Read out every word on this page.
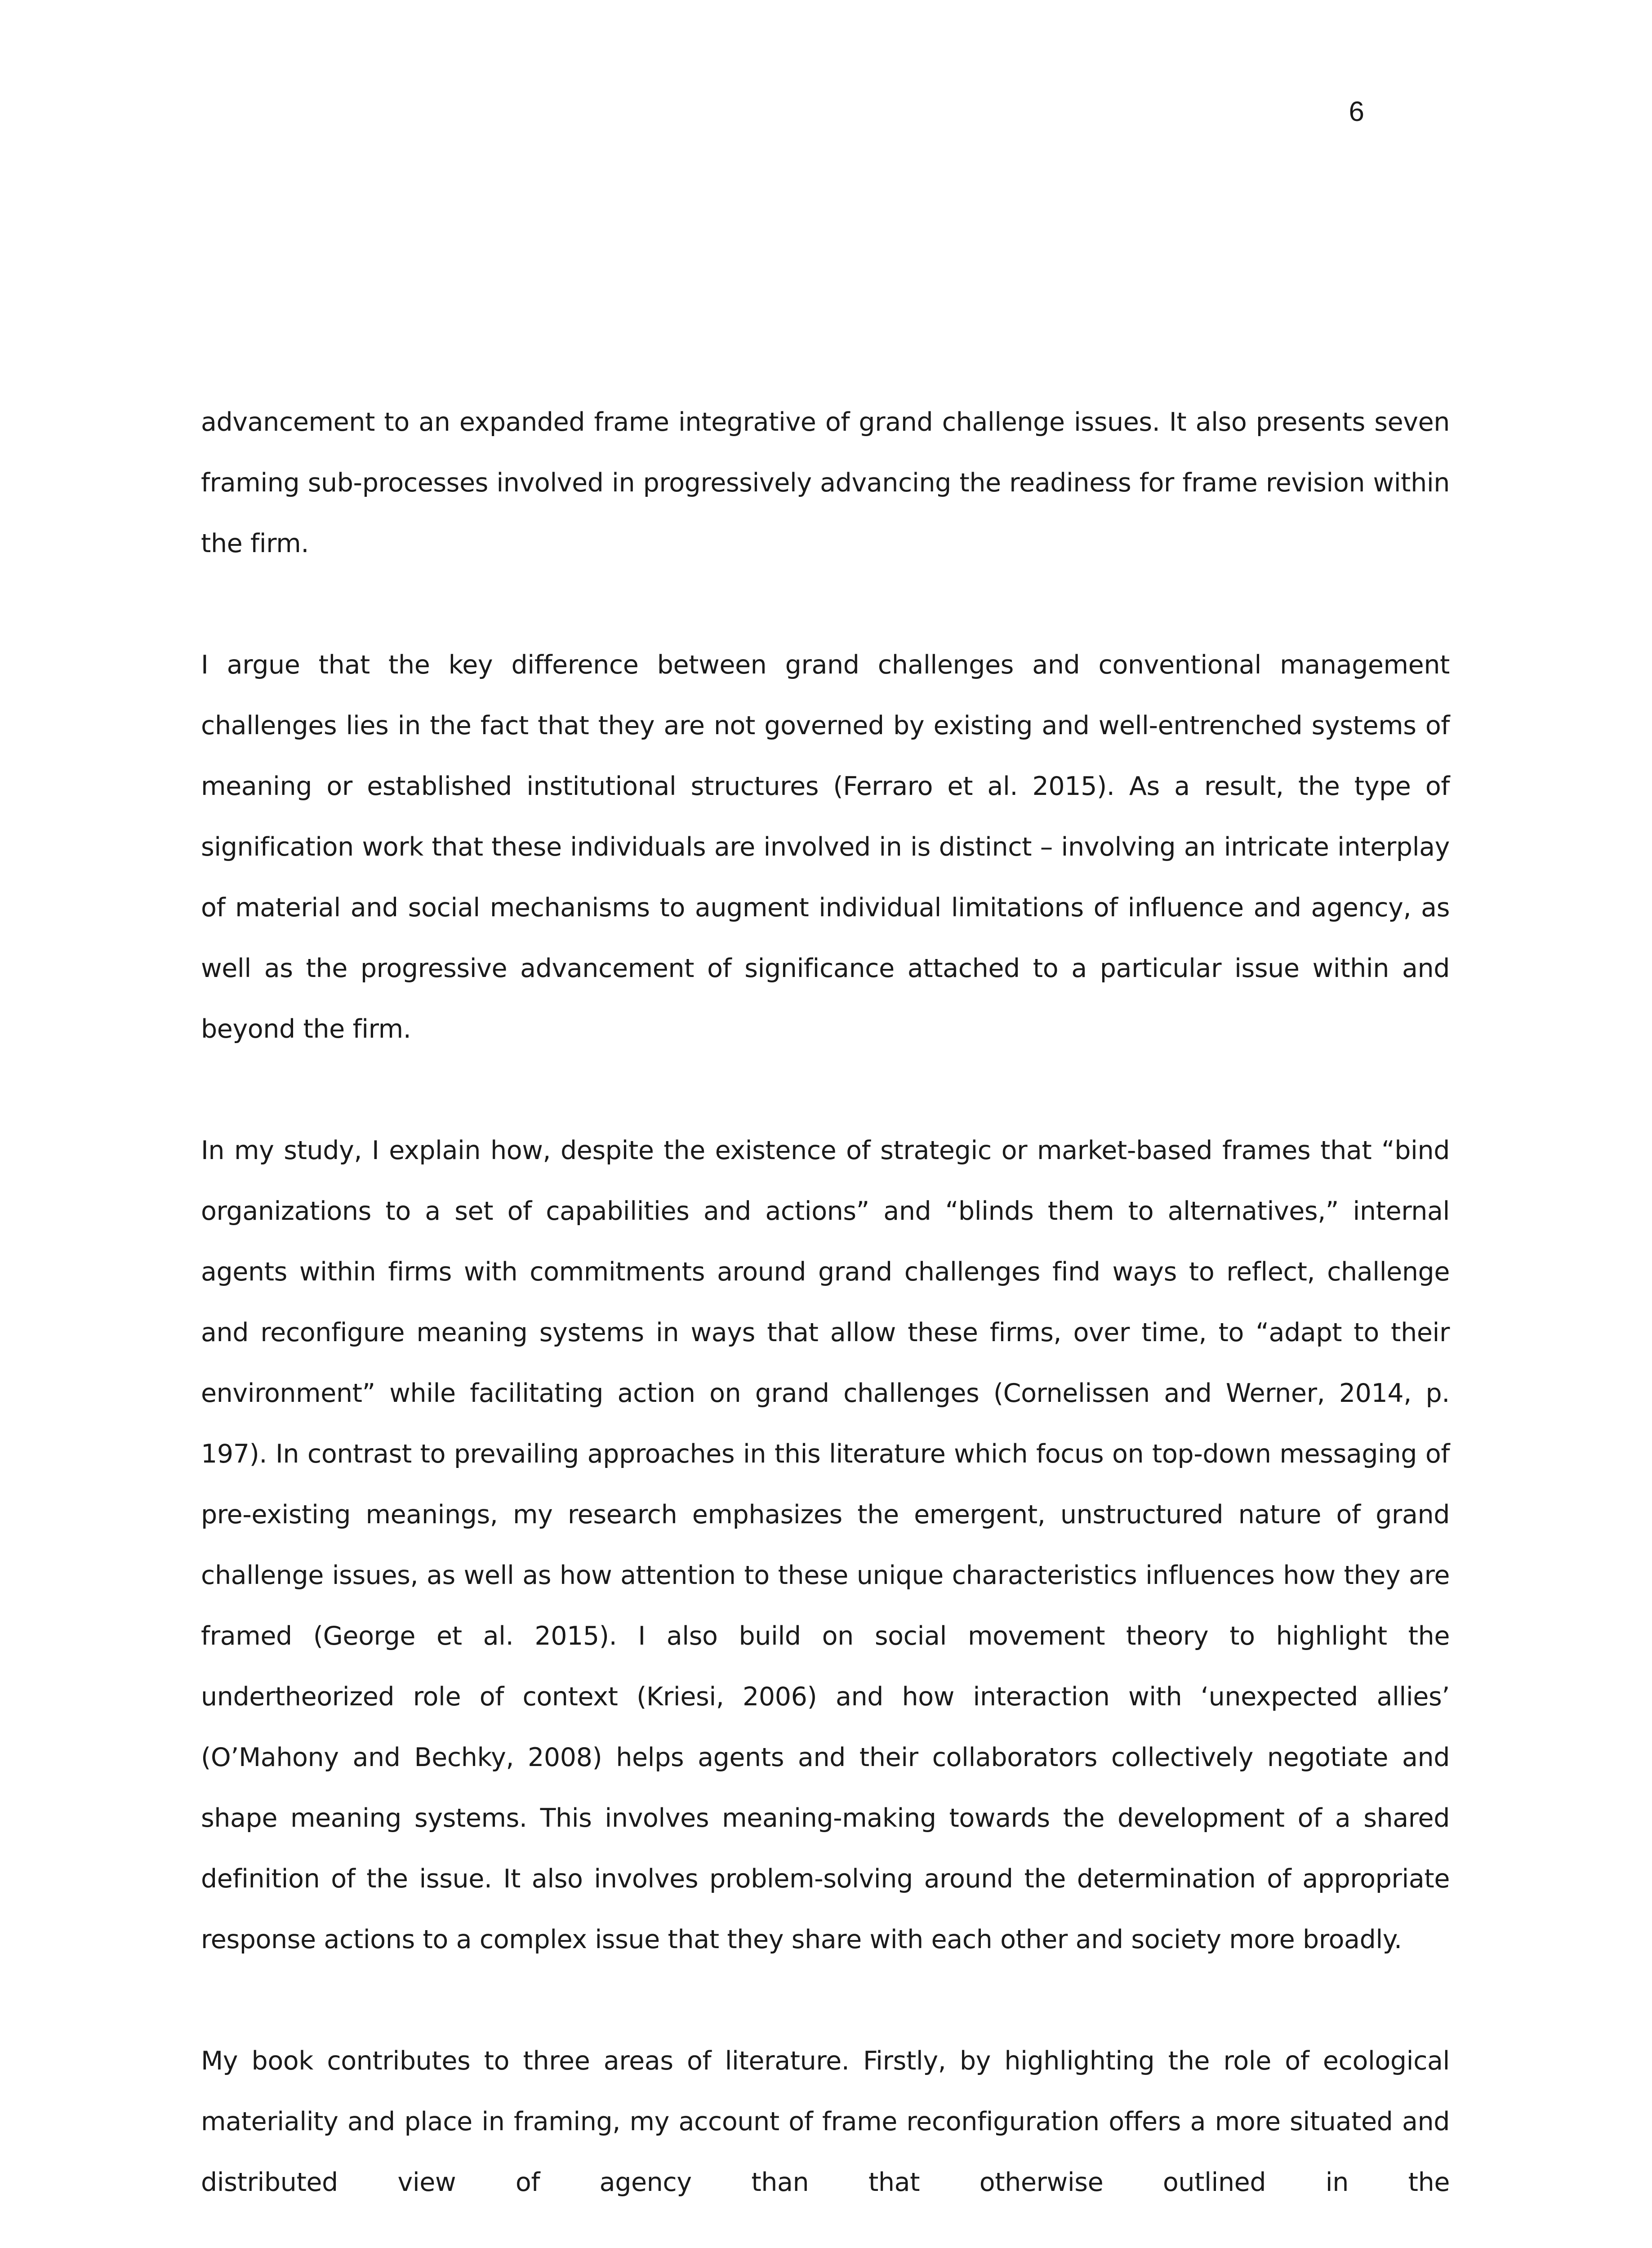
6

advancement to an expanded frame integrative of grand challenge issues. It also presents seven framing sub-processes involved in progressively advancing the readiness for frame revision within the firm.

I argue that the key difference between grand challenges and conventional management challenges lies in the fact that they are not governed by existing and well-entrenched systems of meaning or established institutional structures (Ferraro et al. 2015). As a result, the type of signification work that these individuals are involved in is distinct – involving an intricate interplay of material and social mechanisms to augment individual limitations of influence and agency, as well as the progressive advancement of significance attached to a particular issue within and beyond the firm.

In my study, I explain how, despite the existence of strategic or market-based frames that “bind organizations to a set of capabilities and actions” and “blinds them to alternatives,” internal agents within firms with commitments around grand challenges find ways to reflect, challenge and reconfigure meaning systems in ways that allow these firms, over time, to “adapt to their environment” while facilitating action on grand challenges (Cornelissen and Werner, 2014, p. 197). In contrast to prevailing approaches in this literature which focus on top-down messaging of pre-existing meanings, my research emphasizes the emergent, unstructured nature of grand challenge issues, as well as how attention to these unique characteristics influences how they are framed (George et al. 2015). I also build on social movement theory to highlight the undertheorized role of context (Kriesi, 2006) and how interaction with ‘unexpected allies’ (O’Mahony and Bechky, 2008) helps agents and their collaborators collectively negotiate and shape meaning systems. This involves meaning-making towards the development of a shared definition of the issue. It also involves problem-solving around the determination of appropriate response actions to a complex issue that they share with each other and society more broadly.

My book contributes to three areas of literature. Firstly, by highlighting the role of ecological materiality and place in framing, my account of frame reconfiguration offers a more situated and distributed view of agency than that otherwise outlined in the
